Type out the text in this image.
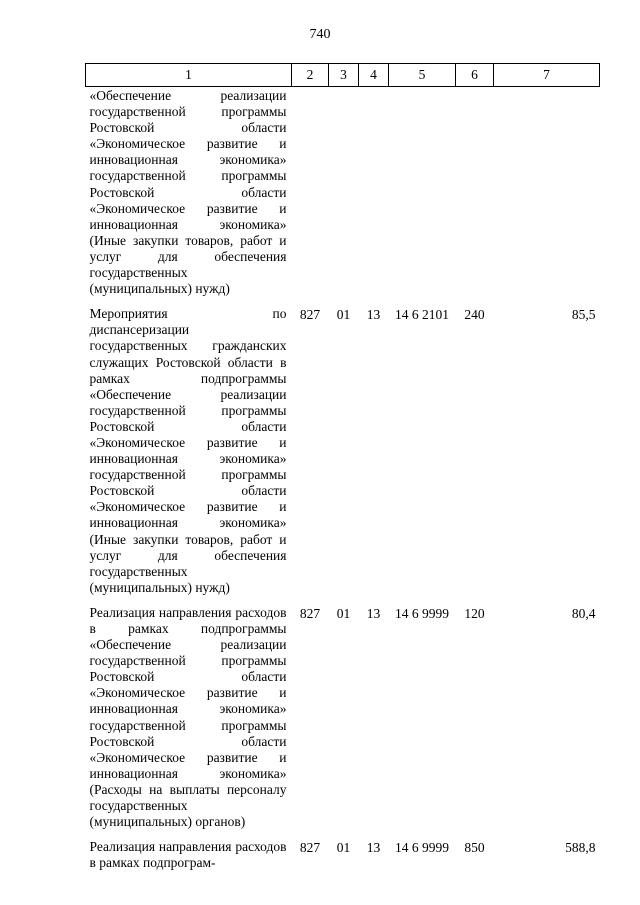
740
1	2	3	4	5	6	7
«Обеспечение реализации государственной программы Ростовской области «Экономическое развитие и инновационная экономика» государственной программы Ростовской области «Экономическое развитие и инновационная экономика» (Иные закупки товаров, работ и услуг для обеспечения государственных (муниципальных) нужд)						
Мероприятия по диспансеризации государственных гражданских служащих Ростовской области в рамках подпрограммы «Обеспечение реализации государственной программы Ростовской области «Экономическое развитие и инновационная экономика» государственной программы Ростовской области «Экономическое развитие и инновационная экономика» (Иные закупки товаров, работ и услуг для обеспечения государственных (муниципальных) нужд)	827	01	13	14 6 2101	240	85,5
Реализация направления расходов в рамках подпрограммы «Обеспечение реализации государственной программы Ростовской области «Экономическое развитие и инновационная экономика» государственной программы Ростовской области «Экономическое развитие и инновационная экономика» (Расходы на выплаты персоналу государственных (муниципальных) органов)	827	01	13	14 6 9999	120	80,4
Реализация направления расходов в рамках подпрограм-	827	01	13	14 6 9999	850	588,8
